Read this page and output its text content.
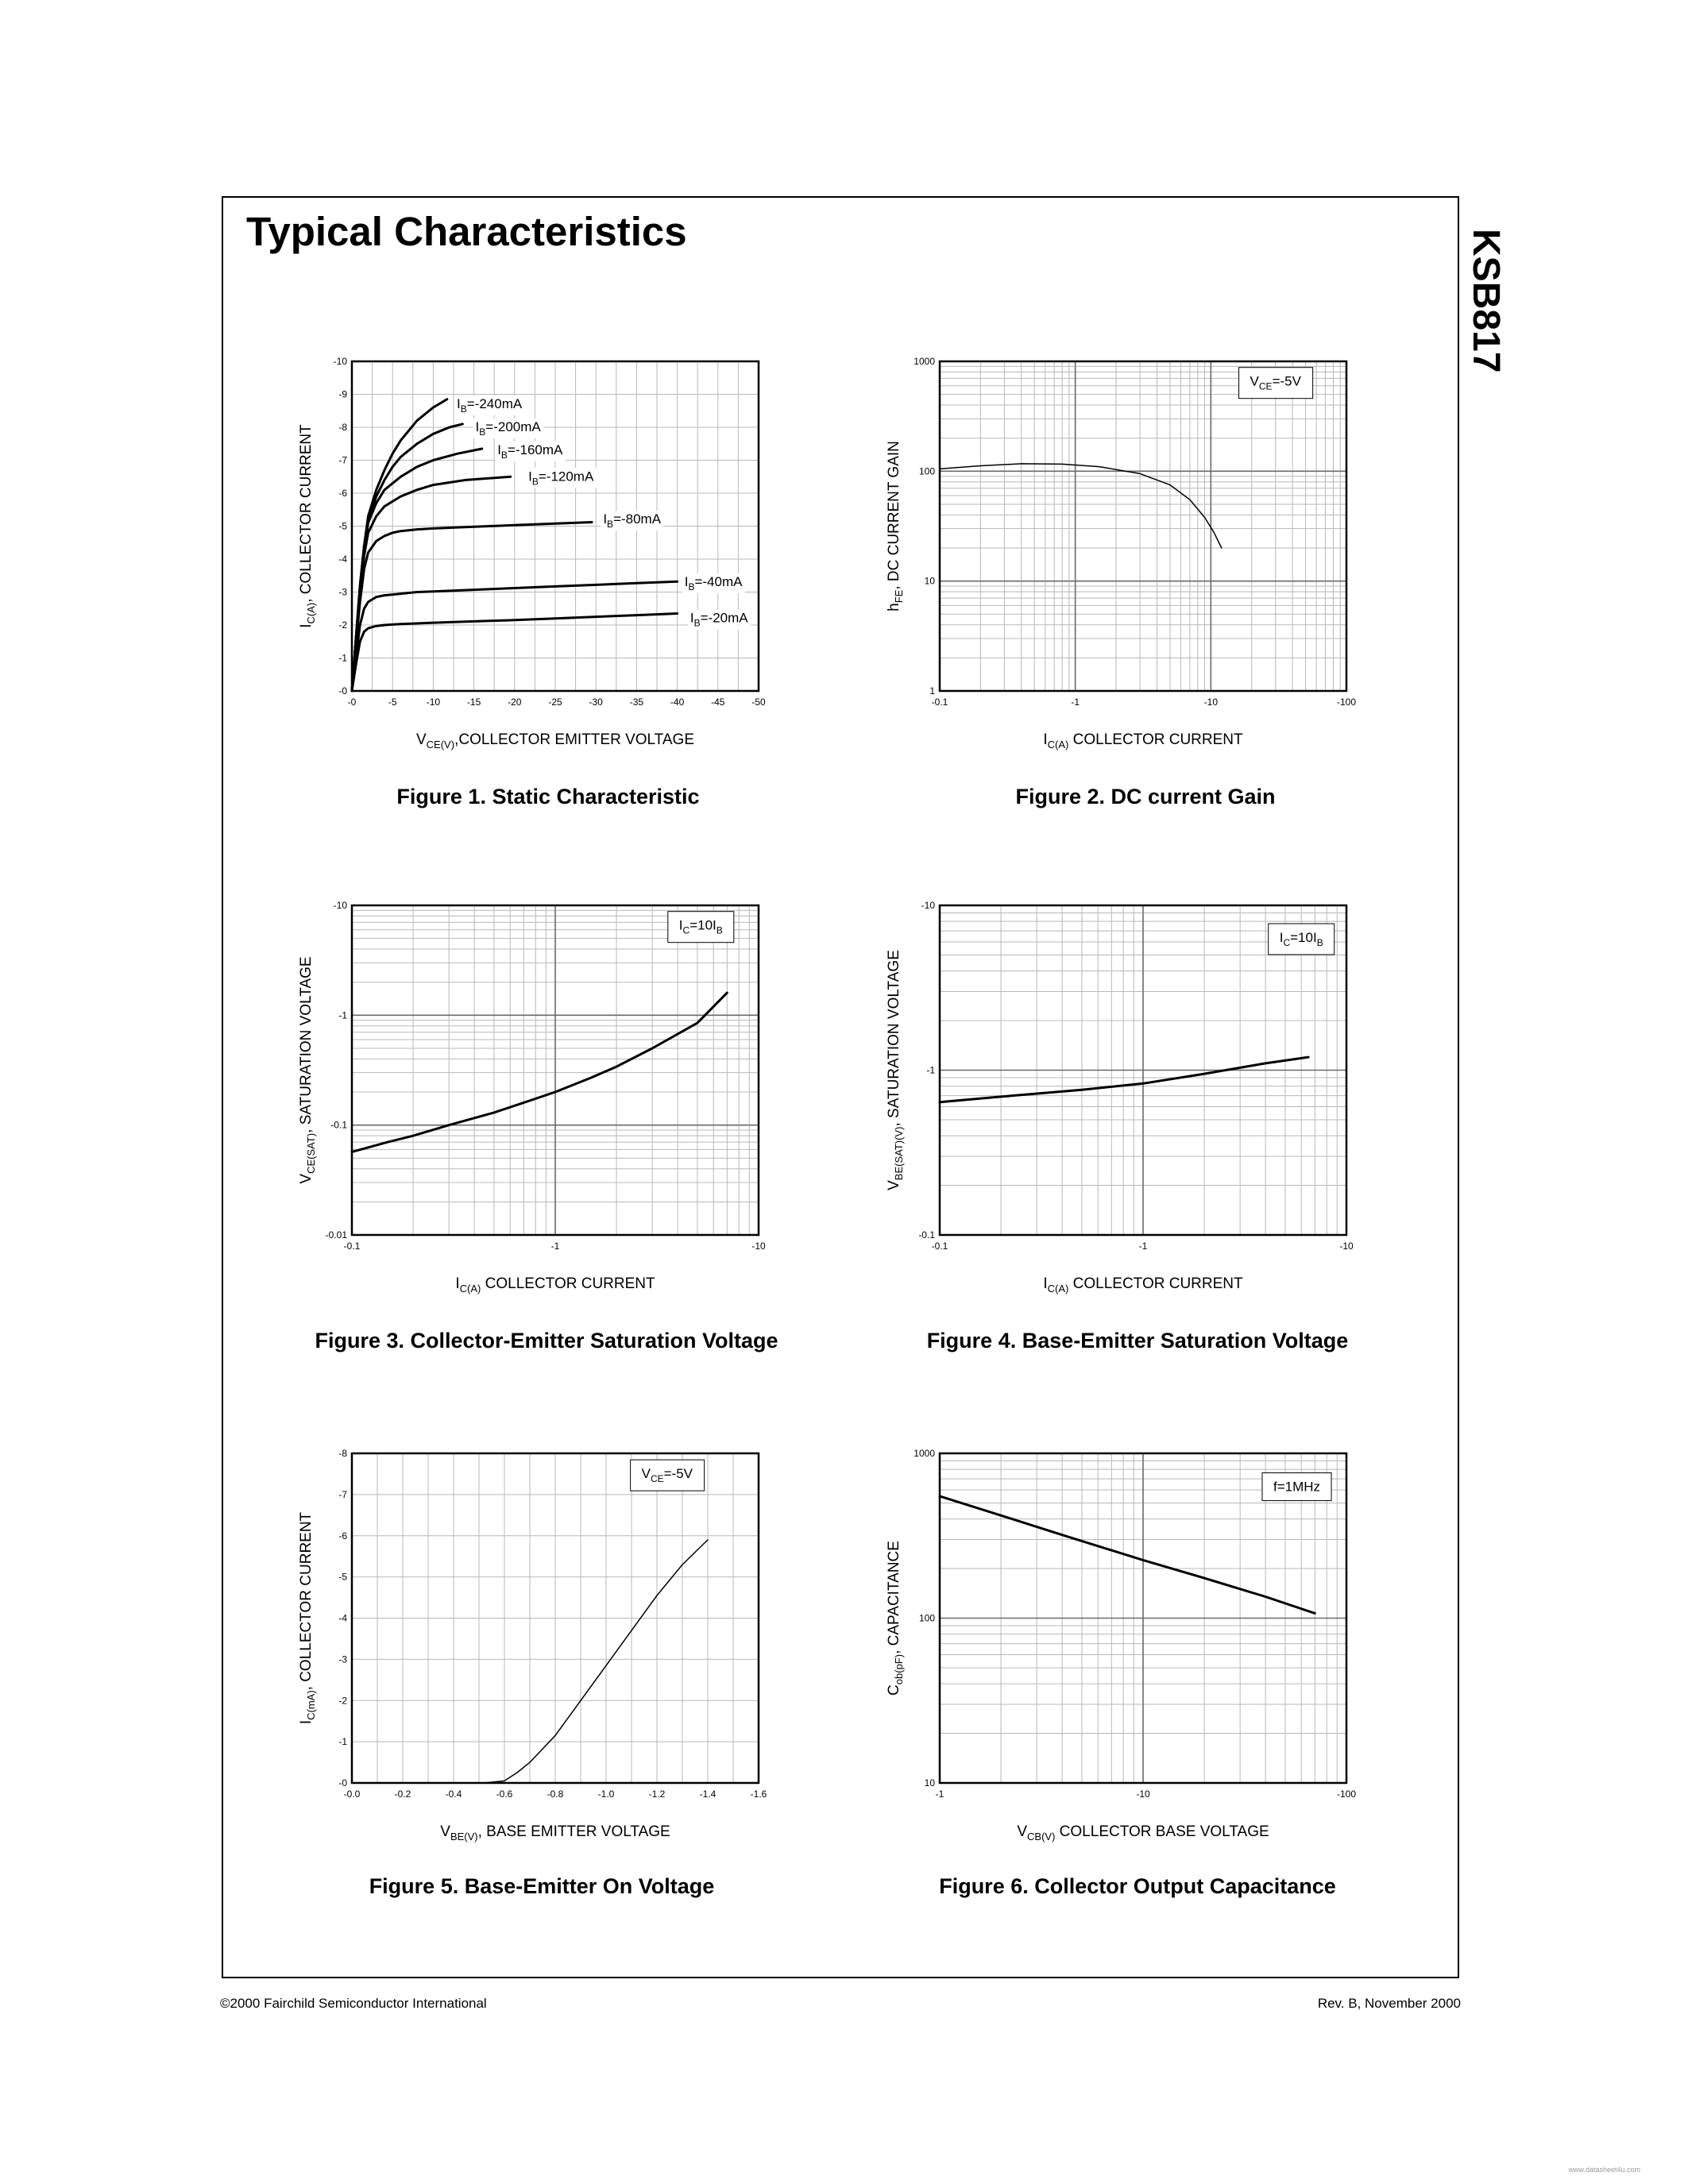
Typical Characteristics	KSB817
-0	-5	-10	-15	-20	-25	-30	-35	-40	-45	-50
-0
-1
-2
-3
-4
-5
-6
-7
-8
-9
-10
$V_{CE(V)},COLLECTOR$ EMITTER VOLTAGE
$I_{C(A)}$, COLLECTOR CURRENT
$I_B=-240mA$
$I_B=-200mA$
$I_B=-160mA$
$I_B=-120mA$
$I_B=-80mA$
$I_B=-40mA$
$I_B=-20mA$
Figure 1. Static Characteristic
-0.1	-1	-10	-100
1
10
100
1000
$I_{C(A)}$ COLLECTOR CURRENT
$h_{FE}$, DC CURRENT GAIN
$V_{CE}=-5V$
Figure 2. DC current Gain
-0.1	-1	-10
-0.01
-0.1
-1
-10
$I_{C(A)}$ COLLECTOR CURRENT
$V_{CE(SAT)}$, SATURATION VOLTAGE
$I_C=10I_B$
Figure 3. Collector-Emitter Saturation Voltage
-0.1	-1	-10
-0.1
-1
-10
$I_{C(A)}$ COLLECTOR CURRENT
$V_{BE(SAT)(V)}$, SATURATION VOLTAGE
$I_C=10I_B$
Figure 4. Base-Emitter Saturation Voltage
-0.0	-0.2	-0.4	-0.6	-0.8	-1.0	-1.2	-1.4	-1.6
-0
-1
-2
-3
-4
-5
-6
-7
-8
$V_{BE(V)}$, BASE EMITTER VOLTAGE
$I_{C(mA)}$, COLLECTOR CURRENT
$V_{CE}=-5V$
Figure 5. Base-Emitter On Voltage
-1	-10	-100
10
100
1000
$V_{CB(V)}$ COLLECTOR BASE VOLTAGE
$C_{ob(pF)}$, CAPACITANCE
f=1MHz
Figure 6. Collector Output Capacitance
©2000 Fairchild Semiconductor International	Rev. B, November 2000
www.datasheet4u.com
